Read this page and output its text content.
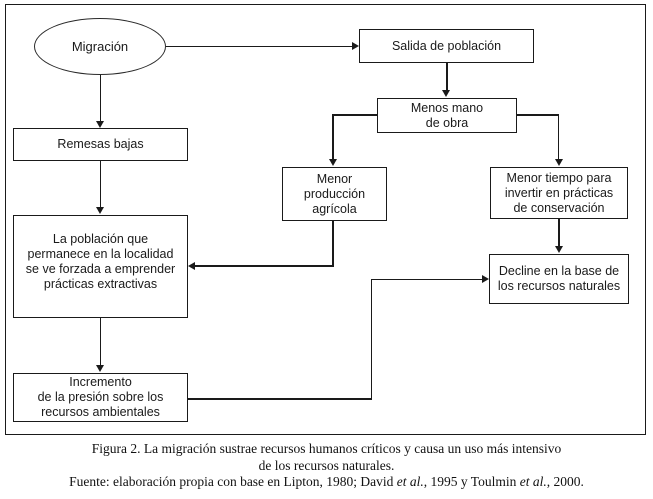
Migración	Salida de población
Menos mano
de obra
Remesas bajas
Menor
producción
agrícola
Menor tiempo para
invertir en prácticas
de conservación
La población que
permanece en la localidad
se ve forzada a emprender
prácticas extractivas
Decline en la base de
los recursos naturales
Incremento
de la presión sobre los
recursos ambientales
Figura 2. La migración sustrae recursos humanos críticos y causa un uso más intensivo
de los recursos naturales.
Fuente: elaboración propia con base en Lipton, 1980; David et al., 1995 y Toulmin et al., 2000.
